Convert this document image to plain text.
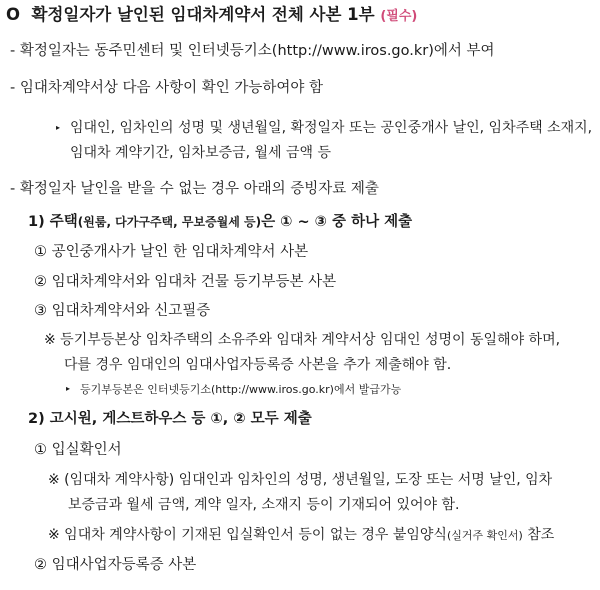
O 확정일자가 날인된 임대차계약서 전체 사본 1부 (필수)
- 확정일자는 동주민센터 및 인터넷등기소(http://www.iros.go.kr)에서 부여
- 임대차계약서상 다음 사항이 확인 가능하여야 함
▸ 임대인, 임차인의 성명 및 생년월일, 확정일자 또는 공인중개사 날인, 임차주택 소재지,
임대차 계약기간, 임차보증금, 월세 금액 등
- 확정일자 날인을 받을 수 없는 경우 아래의 증빙자료 제출
1) 주택(원룸, 다가구주택, 무보증월세 등)은 ① ~ ③ 중 하나 제출
① 공인중개사가 날인 한 임대차계약서 사본
② 임대차계약서와 임대차 건물 등기부등본 사본
③ 임대차계약서와 신고필증
※ 등기부등본상 임차주택의 소유주와 임대차 계약서상 임대인 성명이 동일해야 하며,
다를 경우 임대인의 임대사업자등록증 사본을 추가 제출해야 함.
▸ 등기부등본은 인터넷등기소(http://www.iros.go.kr)에서 발급가능
2) 고시원, 게스트하우스 등 ①, ② 모두 제출
① 입실확인서
※ (임대차 계약사항) 임대인과 임차인의 성명, 생년월일, 도장 또는 서명 날인, 임차
보증금과 월세 금액, 계약 일자, 소재지 등이 기재되어 있어야 함.
※ 임대차 계약사항이 기재된 입실확인서 등이 없는 경우 붙임양식(실거주 확인서) 참조
② 임대사업자등록증 사본
